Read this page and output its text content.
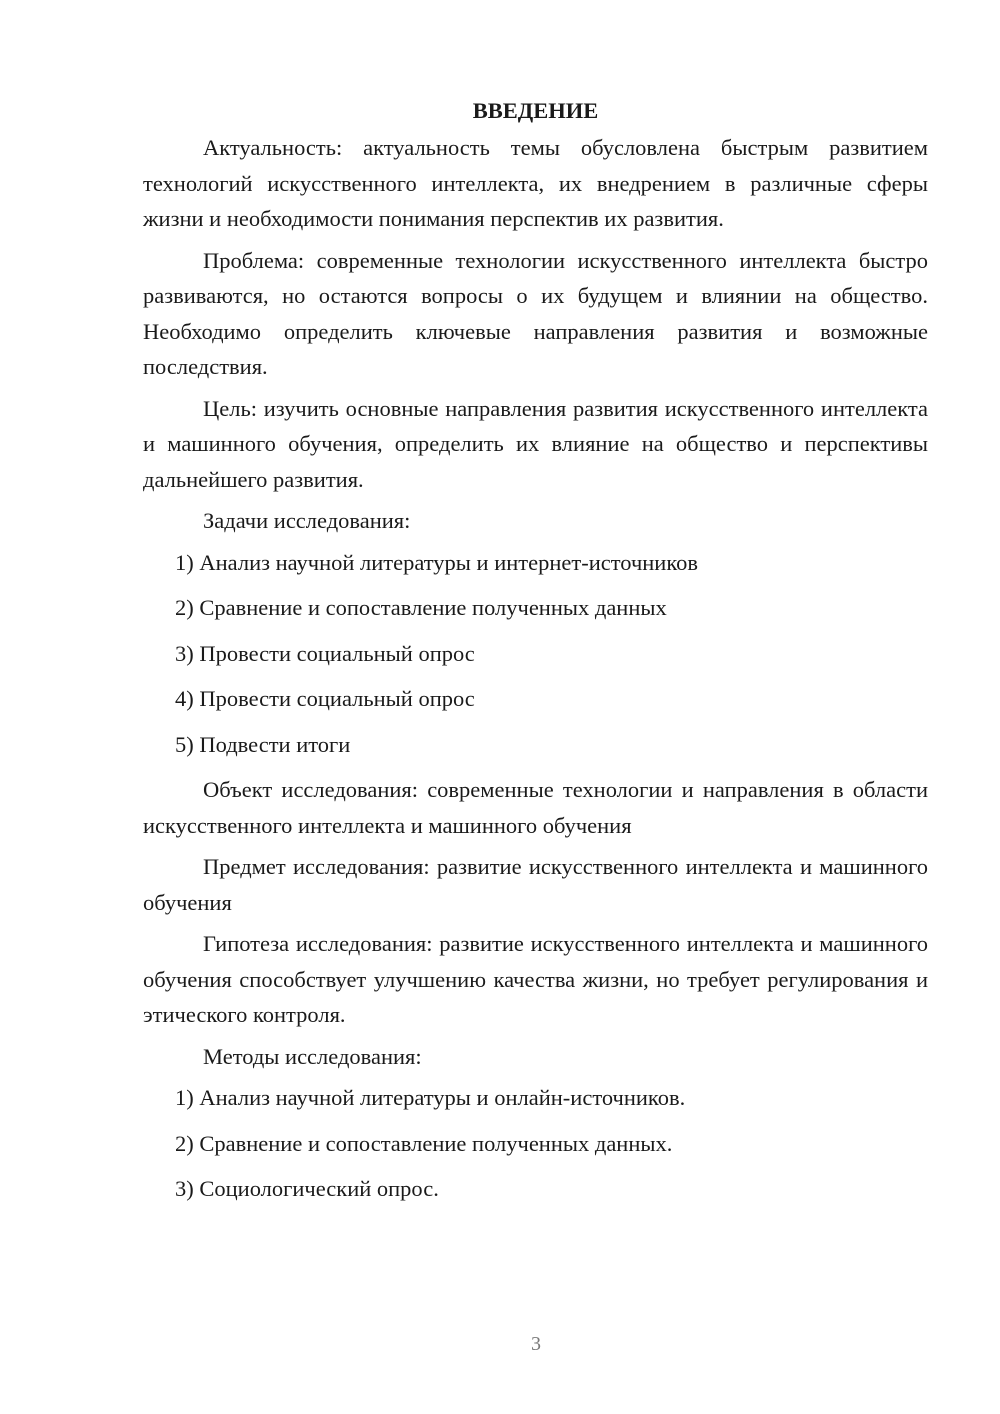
ВВЕДЕНИЕ

Актуальность: актуальность темы обусловлена быстрым развитием технологий искусственного интеллекта, их внедрением в различные сферы жизни и необходимости понимания перспектив их развития.

Проблема: современные технологии искусственного интеллекта быстро развиваются, но остаются вопросы о их будущем и влиянии на общество. Необходимо определить ключевые направления развития и возможные последствия.

Цель: изучить основные направления развития искусственного интеллекта и машинного обучения, определить их влияние на общество и перспективы дальнейшего развития.

Задачи исследования:

1) Анализ научной литературы и интернет-источников
2) Сравнение и сопоставление полученных данных
3) Провести социальный опрос
4) Провести социальный опрос
5) Подвести итоги

Объект исследования: современные технологии и направления в области искусственного интеллекта и машинного обучения

Предмет исследования: развитие искусственного интеллекта и машинного обучения

Гипотеза исследования: развитие искусственного интеллекта и машинного обучения способствует улучшению качества жизни, но требует регулирования и этического контроля.

Методы исследования:

1) Анализ научной литературы и онлайн-источников.
2) Сравнение и сопоставление полученных данных.
3) Социологический опрос.
3
